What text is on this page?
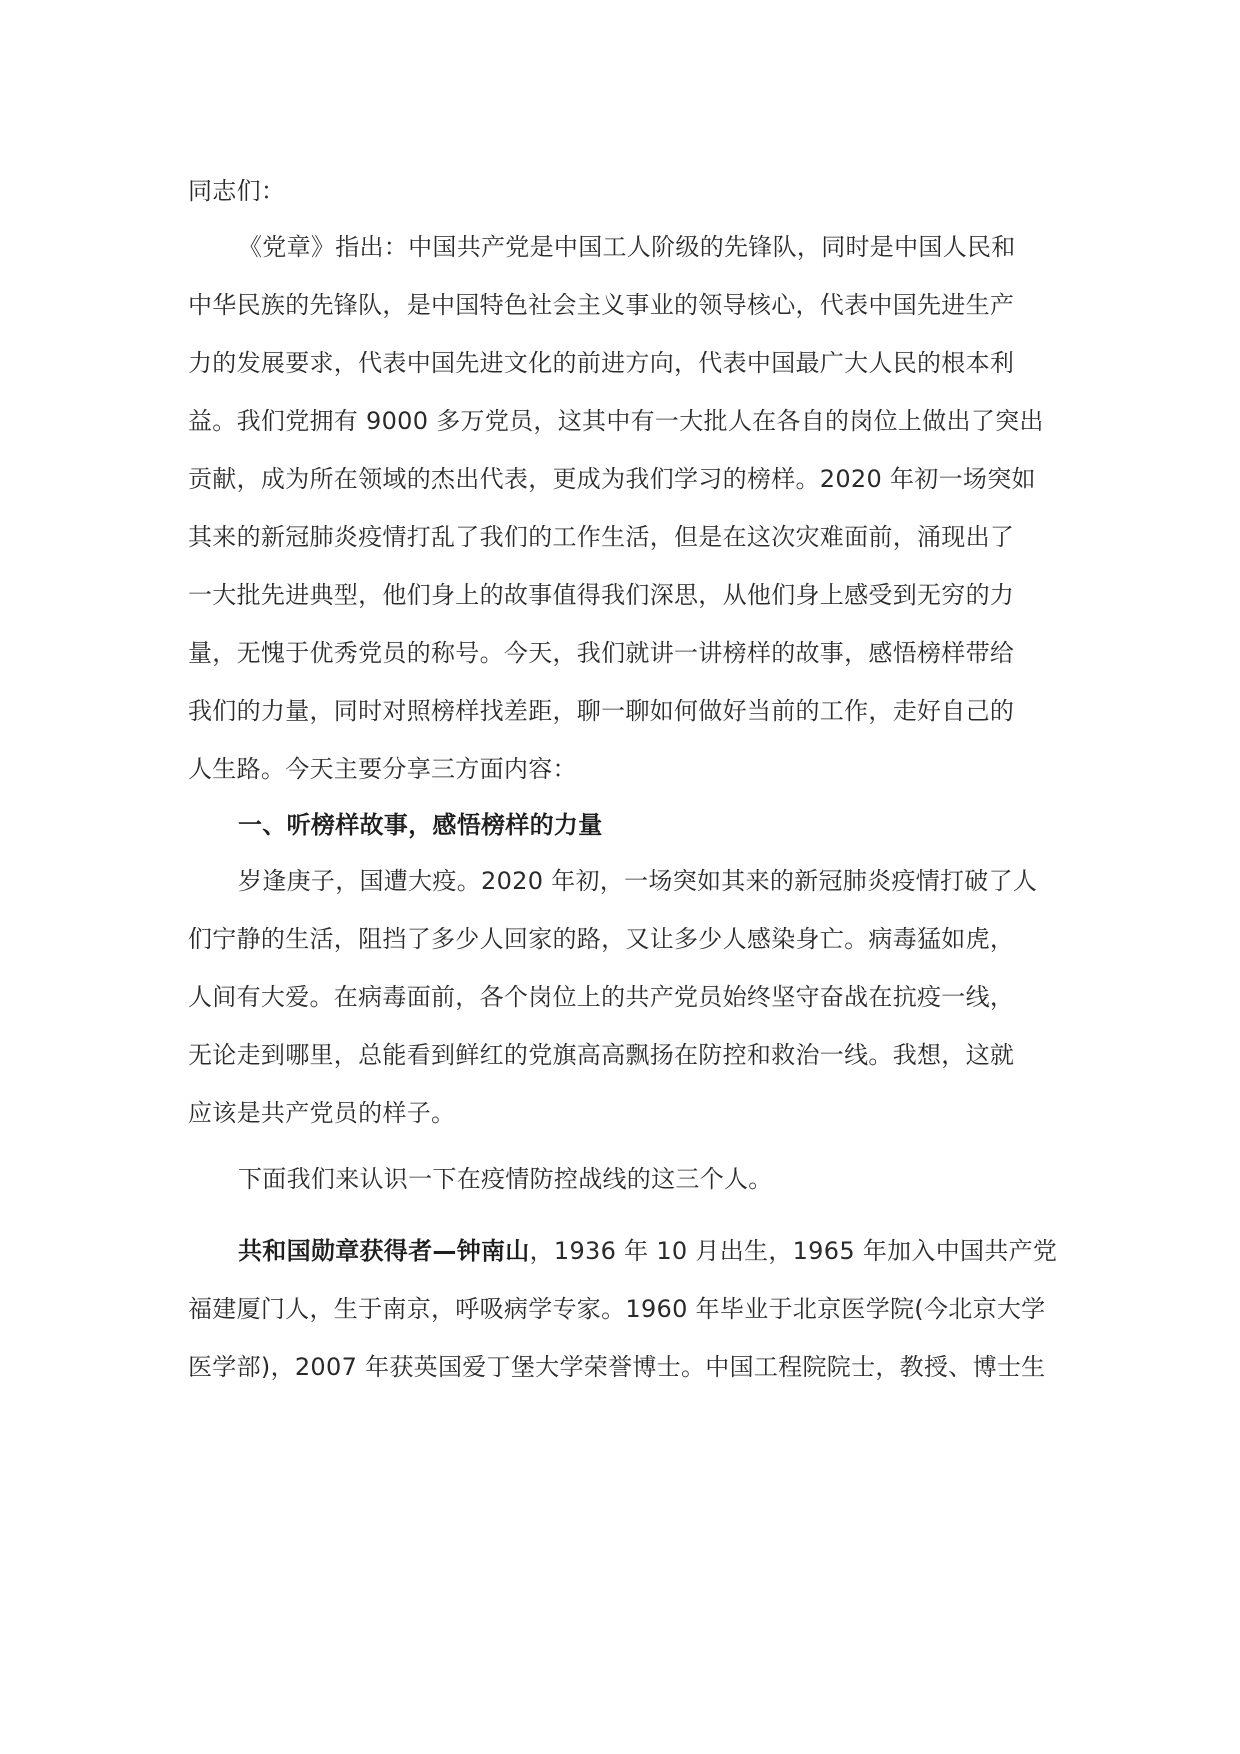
同志们：
《党章》指出：中国共产党是中国工人阶级的先锋队，同时是中国人民和
中华民族的先锋队，是中国特色社会主义事业的领导核心，代表中国先进生产
力的发展要求，代表中国先进文化的前进方向，代表中国最广大人民的根本利
益。我们党拥有 9000 多万党员，这其中有一大批人在各自的岗位上做出了突出
贡献，成为所在领域的杰出代表，更成为我们学习的榜样。2020 年初一场突如
其来的新冠肺炎疫情打乱了我们的工作生活，但是在这次灾难面前，涌现出了
一大批先进典型，他们身上的故事值得我们深思，从他们身上感受到无穷的力
量，无愧于优秀党员的称号。今天，我们就讲一讲榜样的故事，感悟榜样带给
我们的力量，同时对照榜样找差距，聊一聊如何做好当前的工作，走好自己的
人生路。今天主要分享三方面内容：
一、听榜样故事，感悟榜样的力量
岁逢庚子，国遭大疫。2020 年初，一场突如其来的新冠肺炎疫情打破了人
们宁静的生活，阻挡了多少人回家的路，又让多少人感染身亡。病毒猛如虎，
人间有大爱。在病毒面前，各个岗位上的共产党员始终坚守奋战在抗疫一线，
无论走到哪里，总能看到鲜红的党旗高高飘扬在防控和救治一线。我想，这就
应该是共产党员的样子。
下面我们来认识一下在疫情防控战线的这三个人。
共和国勋章获得者—钟南山，1936 年 10 月出生，1965 年加入中国共产党
福建厦门人，生于南京，呼吸病学专家。1960 年毕业于北京医学院(今北京大学
医学部)，2007 年获英国爱丁堡大学荣誉博士。中国工程院院士，教授、博士生
